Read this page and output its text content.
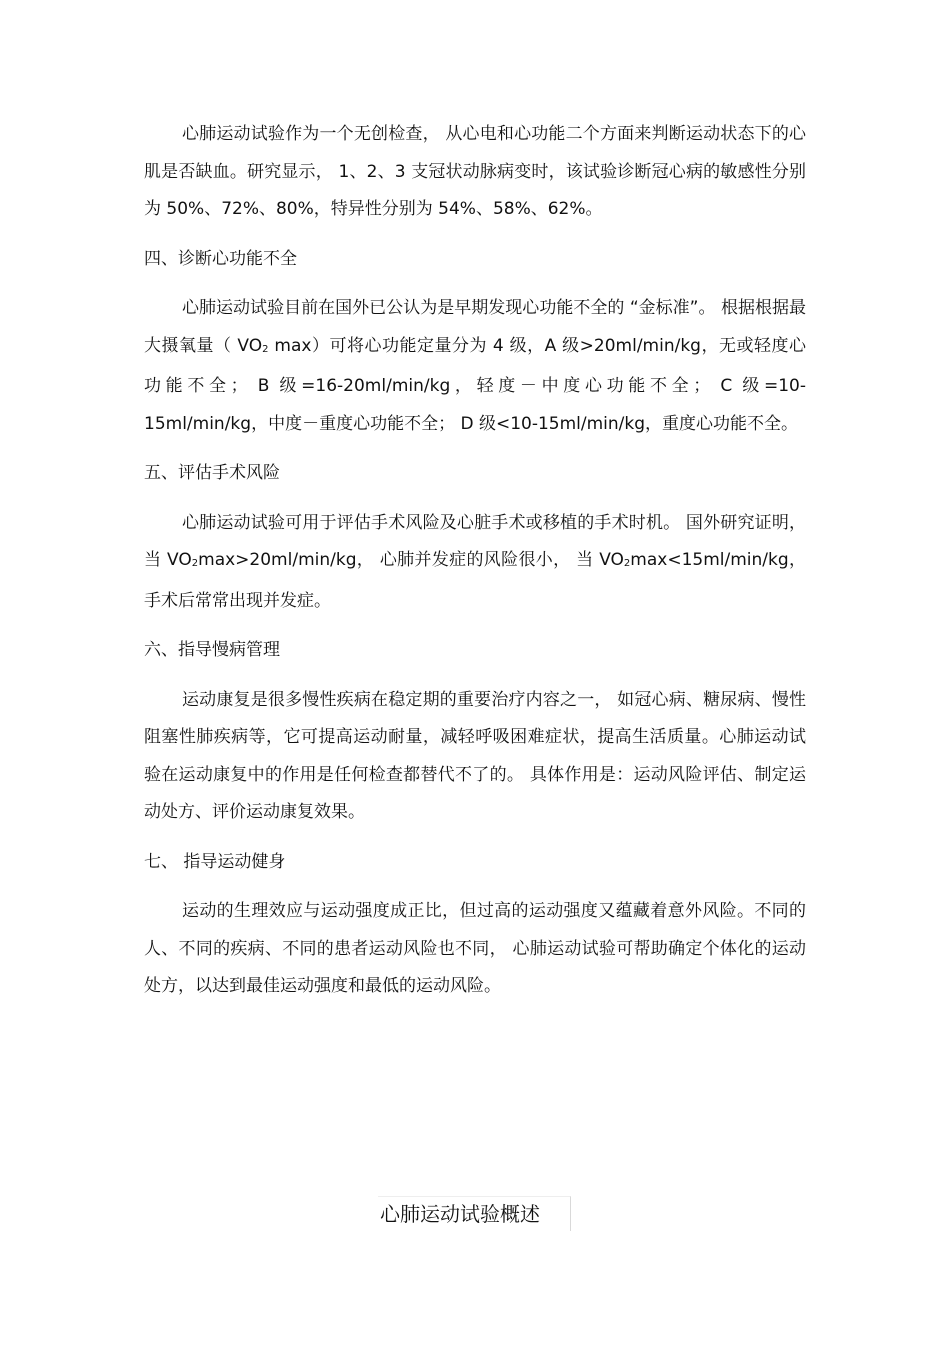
心肺运动试验作为一个无创检查， 从心电和心功能二个方面来判断运动状态下的心肌是否缺血。研究显示， 1、2、3 支冠状动脉病变时，该试验诊断冠心病的敏感性分别为 50%、72%、80%，特异性分别为 54%、58%、62%。

四、诊断心功能不全

心肺运动试验目前在国外已公认为是早期发现心功能不全的 “金标准”。 根据根据最大摄氧量（ $VO_2$ max）可将心功能定量分为 4 级，A 级>20ml/min/kg，无或轻度心功能不全； B 级=16-20ml/min/kg，轻度－中度心功能不全； C 级=10-15ml/min/kg，中度－重度心功能不全； D 级<10-15ml/min/kg，重度心功能不全。

五、评估手术风险

心肺运动试验可用于评估手术风险及心脏手术或移植的手术时机。 国外研究证明， 当 $VO_2\max>20ml/\min/kg$， 心肺并发症的风险很小， 当 $VO_2\max<15ml/\min/kg$，手术后常常出现并发症。

六、指导慢病管理

运动康复是很多慢性疾病在稳定期的重要治疗内容之一， 如冠心病、糖尿病、慢性阻塞性肺疾病等，它可提高运动耐量，减轻呼吸困难症状，提高生活质量。心肺运动试验在运动康复中的作用是任何检查都替代不了的。 具体作用是：运动风险评估、制定运动处方、评价运动康复效果。

七、 指导运动健身

运动的生理效应与运动强度成正比，但过高的运动强度又蕴藏着意外风险。不同的人、不同的疾病、不同的患者运动风险也不同， 心肺运动试验可帮助确定个体化的运动处方，以达到最佳运动强度和最低的运动风险。

心肺运动试验概述
